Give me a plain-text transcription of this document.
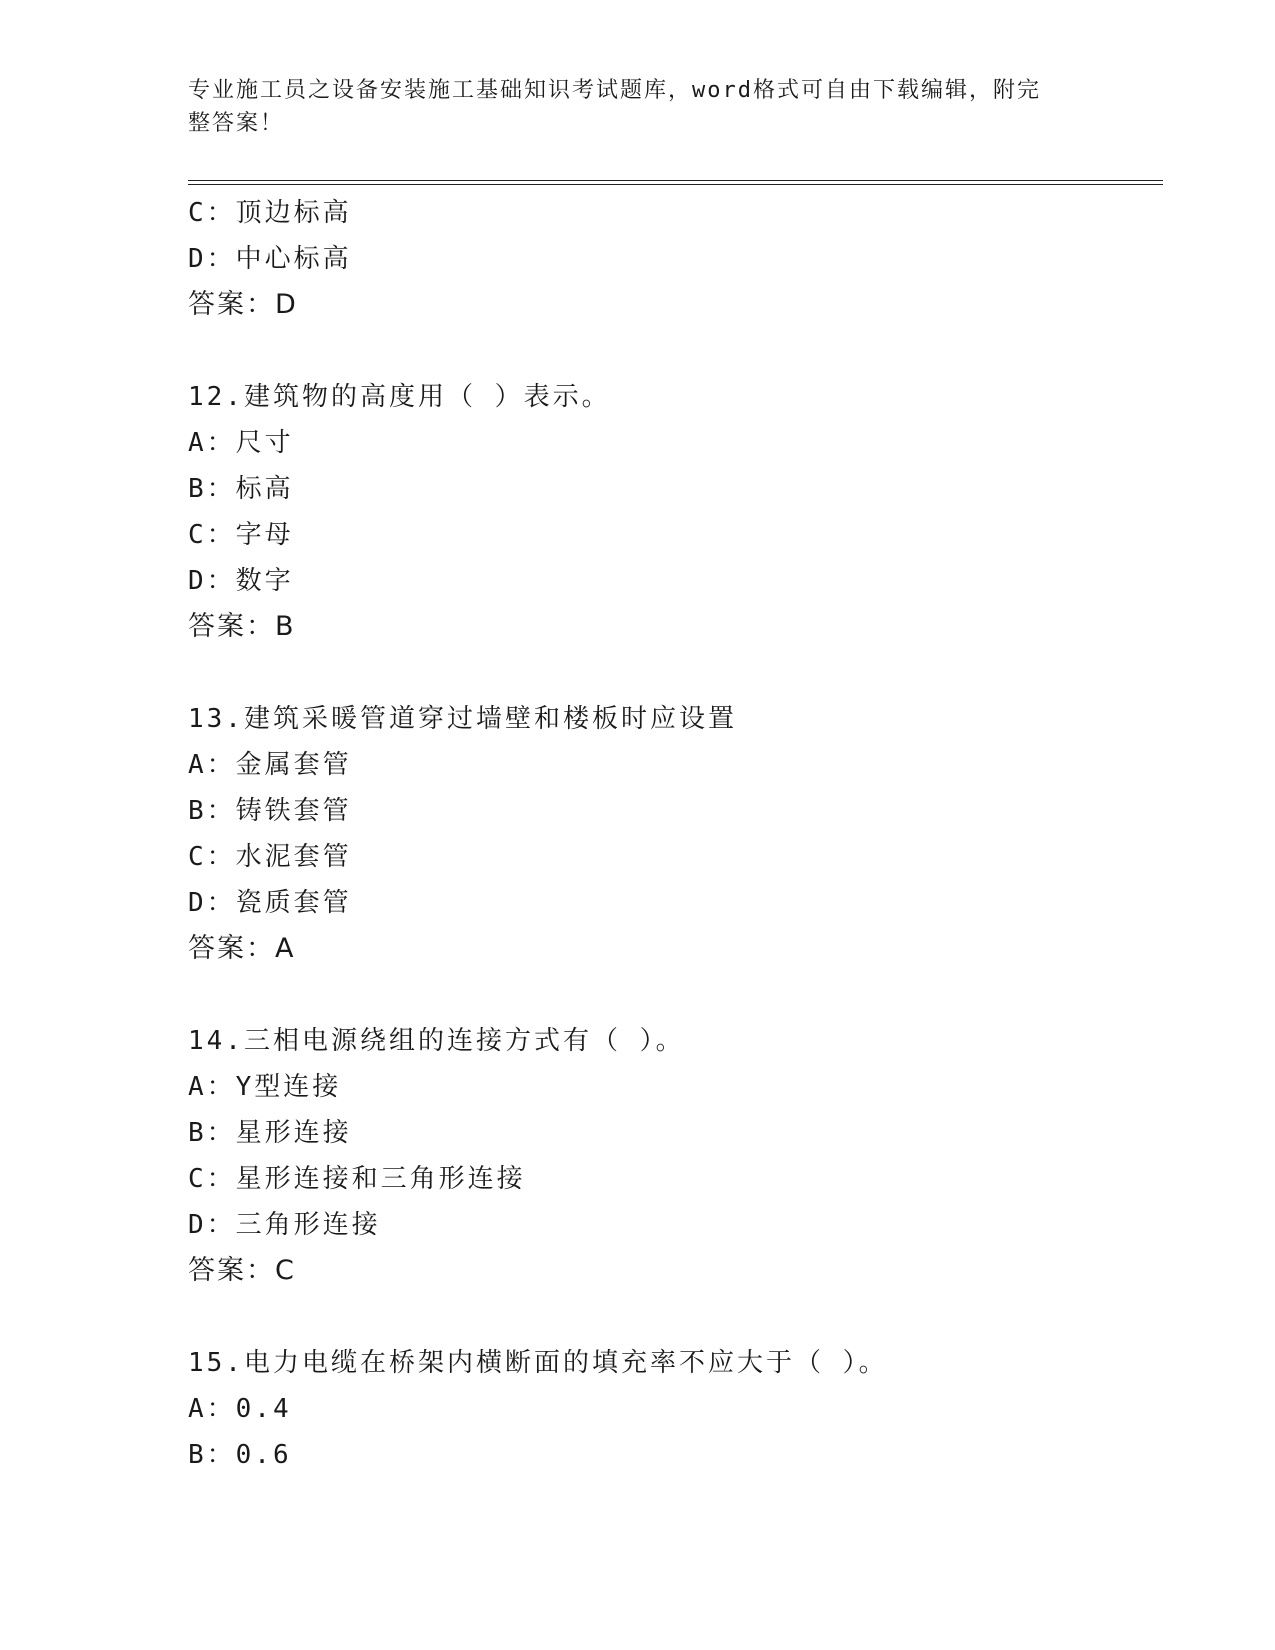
专业施工员之设备安装施工基础知识考试题库，word格式可自由下载编辑，附完
整答案！
C：顶边标高
D：中心标高
答案：D
12.建筑物的高度用（ ）表示。
A：尺寸
B：标高
C：字母
D：数字
答案：B
13.建筑采暖管道穿过墙壁和楼板时应设置
A：金属套管
B：铸铁套管
C：水泥套管
D：瓷质套管
答案：A
14.三相电源绕组的连接方式有（ ）。
A：Y型连接
B：星形连接
C：星形连接和三角形连接
D：三角形连接
答案：C
15.电力电缆在桥架内横断面的填充率不应大于（ ）。
A：0.4
B：0.6
